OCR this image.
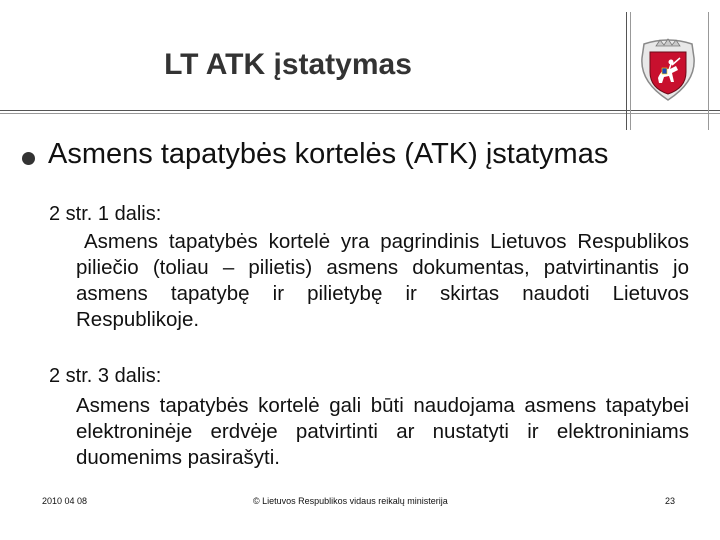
LT ATK įstatymas
Asmens tapatybės kortelės (ATK) įstatymas
2 str. 1 dalis:
Asmens tapatybės kortelė yra pagrindinis Lietuvos Respublikos piliečio (toliau – pilietis) asmens dokumentas, patvirtinantis jo asmens tapatybę ir pilietybę ir skirtas naudoti Lietuvos Respublikoje.
2 str. 3 dalis:
Asmens tapatybės kortelė gali būti naudojama asmens tapatybei elektroninėje erdvėje patvirtinti ar nustatyti ir elektroniniams duomenims pasirašyti.
2010 04 08	© Lietuvos Respublikos vidaus reikalų ministerija	23
